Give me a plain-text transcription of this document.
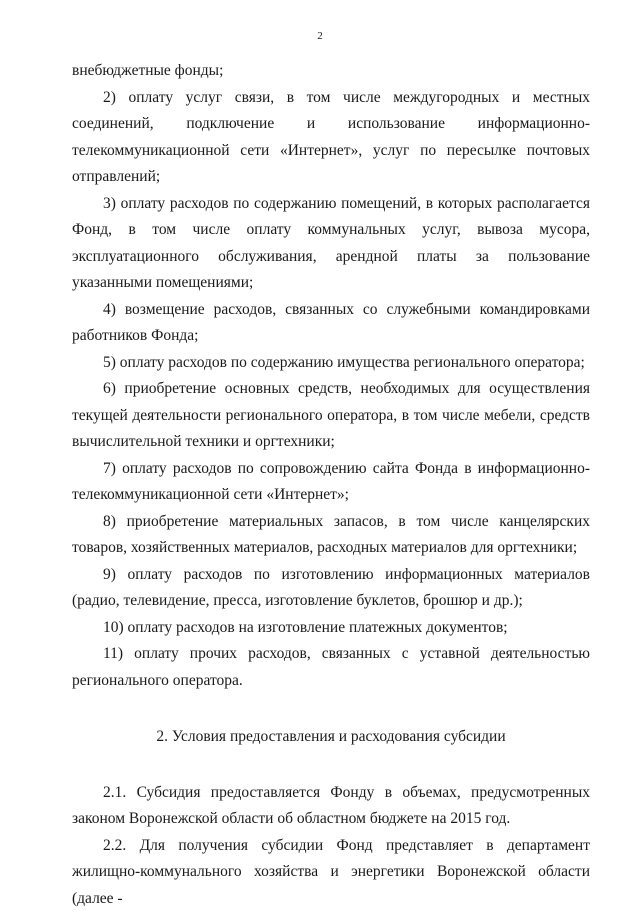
2

внебюджетные фонды;

2) оплату услуг связи, в том числе междугородных и местных соединений, подключение и использование информационно-телекоммуникационной сети «Интернет», услуг по пересылке почтовых отправлений;

3) оплату расходов по содержанию помещений, в которых располагается Фонд, в том числе оплату коммунальных услуг, вывоза мусора, эксплуатационного обслуживания, арендной платы за пользование указанными помещениями;

4) возмещение расходов, связанных со служебными командировками работников Фонда;

5) оплату расходов по содержанию имущества регионального оператора;

6) приобретение основных средств, необходимых для осуществления текущей деятельности регионального оператора, в том числе мебели, средств вычислительной техники и оргтехники;

7) оплату расходов по сопровождению сайта Фонда в информационно-телекоммуникационной сети «Интернет»;

8) приобретение материальных запасов, в том числе канцелярских товаров, хозяйственных материалов, расходных материалов для оргтехники;

9) оплату расходов по изготовлению информационных материалов (радио, телевидение, пресса, изготовление буклетов, брошюр и др.);

10) оплату расходов на изготовление платежных документов;

11) оплату прочих расходов, связанных с уставной деятельностью регионального оператора.

2. Условия предоставления и расходования субсидии

2.1. Субсидия предоставляется Фонду в объемах, предусмотренных законом Воронежской области об областном бюджете на 2015 год.

2.2. Для получения субсидии Фонд представляет в департамент жилищно-коммунального хозяйства и энергетики Воронежской области (далее -
